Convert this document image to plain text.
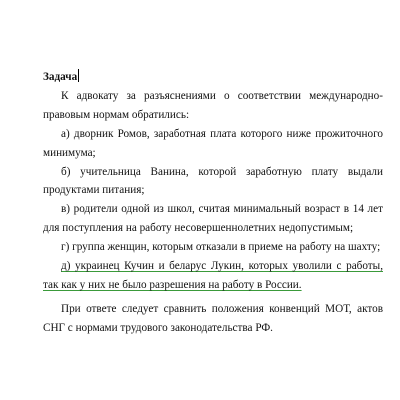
Задача

К адвокату за разъяснениями о соответствии международно-правовым нормам обратились:

а) дворник Ромов, заработная плата которого ниже прожиточного минимума;

б) учительница Ванина, которой заработную плату выдали продуктами питания;

в) родители одной из школ, считая минимальный возраст в 14 лет для поступления на работу несовершеннолетних недопустимым;

г) группа женщин, которым отказали в приеме на работу на шахту;

д) украинец Кучин и беларус Лукин, которых уволили с работы, так как у них не было разрешения на работу в России.

При ответе следует сравнить положения конвенций МОТ, актов СНГ с нормами трудового законодательства РФ.
